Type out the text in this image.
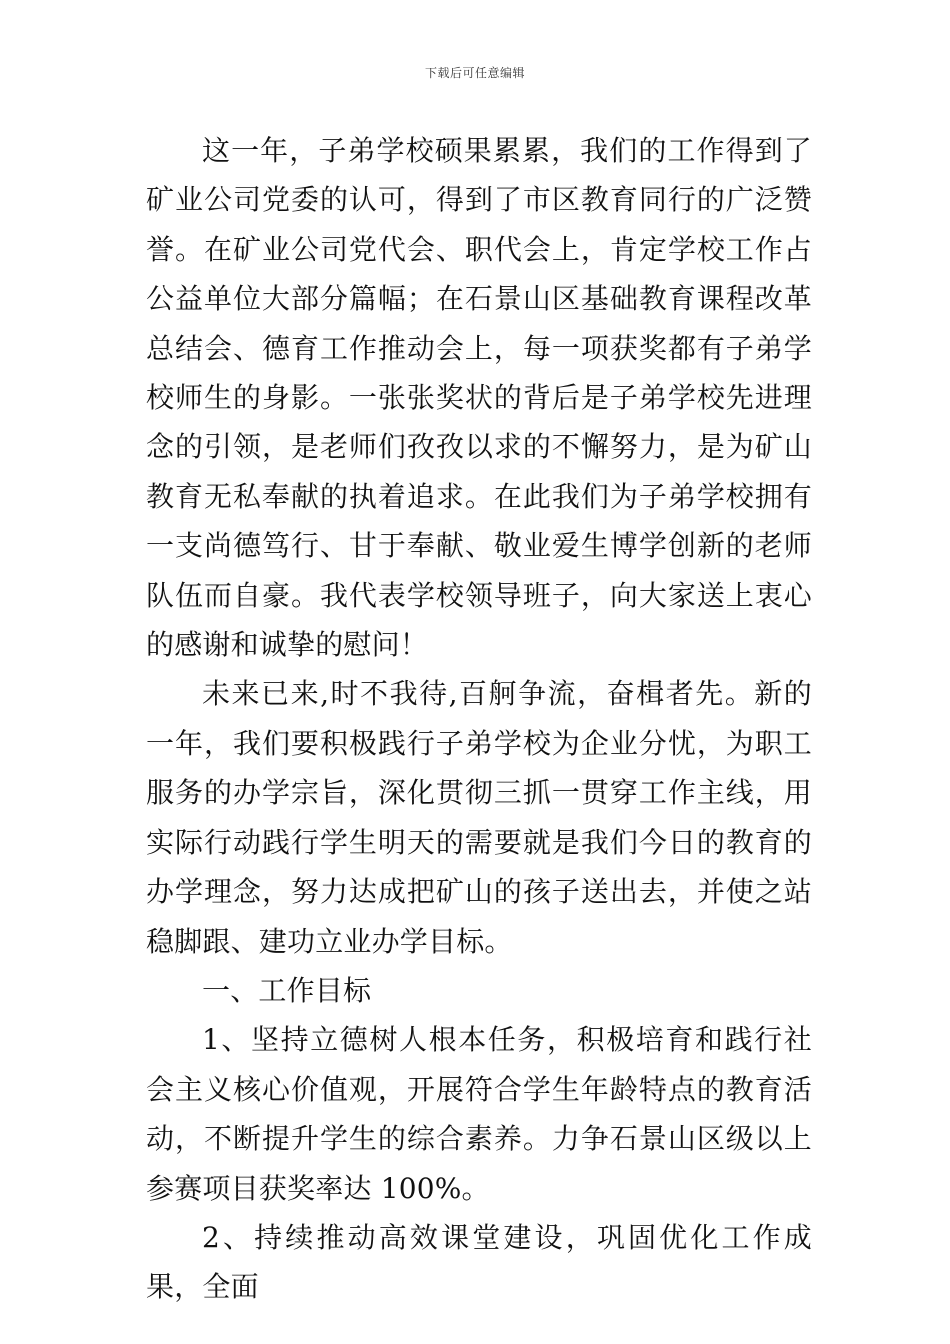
下载后可任意编辑

这一年，子弟学校硕果累累，我们的工作得到了矿业公司党委的认可，得到了市区教育同行的广泛赞誉。在矿业公司党代会、职代会上，肯定学校工作占公益单位大部分篇幅；在石景山区基础教育课程改革总结会、德育工作推动会上，每一项获奖都有子弟学校师生的身影。一张张奖状的背后是子弟学校先进理念的引领，是老师们孜孜以求的不懈努力，是为矿山教育无私奉献的执着追求。在此我们为子弟学校拥有一支尚德笃行、甘于奉献、敬业爱生博学创新的老师队伍而自豪。我代表学校领导班子，向大家送上衷心的感谢和诚挚的慰问！

未来已来,时不我待,百舸争流，奋楫者先。新的一年，我们要积极践行子弟学校为企业分忧，为职工服务的办学宗旨，深化贯彻三抓一贯穿工作主线，用实际行动践行学生明天的需要就是我们今日的教育的办学理念，努力达成把矿山的孩子送出去，并使之站稳脚跟、建功立业办学目标。

一、工作目标

1、坚持立德树人根本任务，积极培育和践行社会主义核心价值观，开展符合学生年龄特点的教育活动，不断提升学生的综合素养。力争石景山区级以上参赛项目获奖率达 100%。

2、持续推动高效课堂建设，巩固优化工作成果，全面
